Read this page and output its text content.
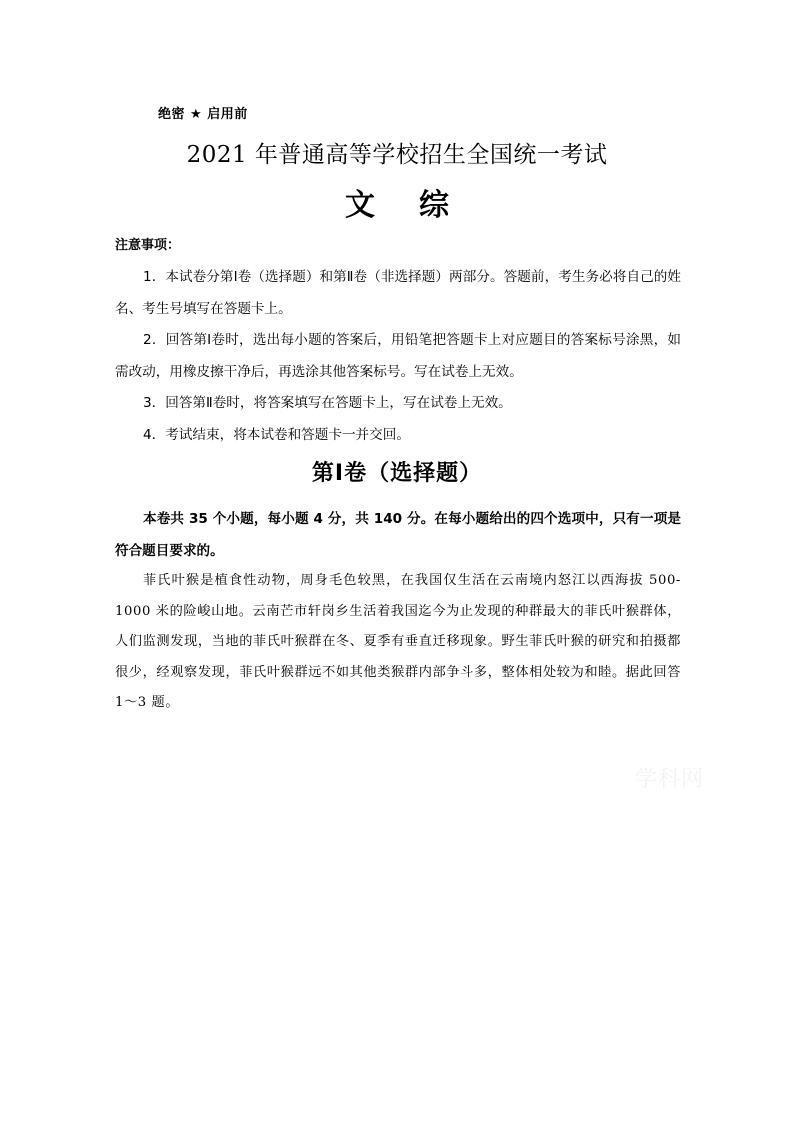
绝密 ★ 启用前
2021 年普通高等学校招生全国统一考试
文 综
注意事项：

1．本试卷分第Ⅰ卷（选择题）和第Ⅱ卷（非选择题）两部分。答题前，考生务必将自己的姓名、考生号填写在答题卡上。

2．回答第Ⅰ卷时，选出每小题的答案后，用铅笔把答题卡上对应题目的答案标号涂黑，如需改动，用橡皮擦干净后，再选涂其他答案标号。写在试卷上无效。

3．回答第Ⅱ卷时，将答案填写在答题卡上，写在试卷上无效。

4．考试结束，将本试卷和答题卡一并交回。

第Ⅰ卷（选择题）

本卷共 35 个小题，每小题 4 分，共 140 分。在每小题给出的四个选项中，只有一项是符合题目要求的。

菲氏叶猴是植食性动物，周身毛色较黑，在我国仅生活在云南境内怒江以西海拔 500-1000 米的险峻山地。云南芒市轩岗乡生活着我国迄今为止发现的种群最大的菲氏叶猴群体，人们监测发现，当地的菲氏叶猴群在冬、夏季有垂直迁移现象。野生菲氏叶猴的研究和拍摄都很少，经观察发现，菲氏叶猴群远不如其他类猴群内部争斗多，整体相处较为和睦。据此回答 1～3 题。

学科网
